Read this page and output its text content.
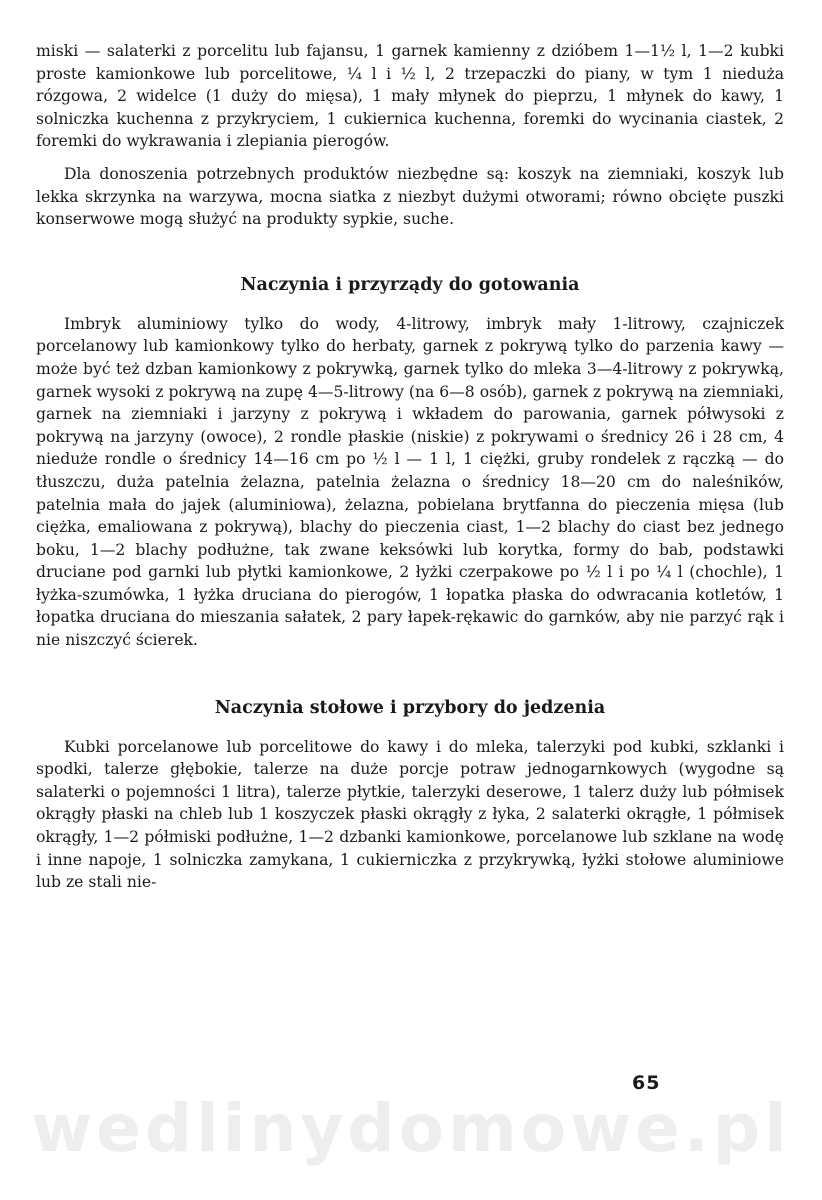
miski — salaterki z porcelitu lub fajansu, 1 garnek kamienny z dzióbem 1—1½ l, 1—2 kubki proste kamionkowe lub porcelitowe, ¼ l i ½ l, 2 trzepaczki do piany, w tym 1 nieduża rózgowa, 2 widelce (1 duży do mięsa), 1 mały młynek do pieprzu, 1 młynek do kawy, 1 solniczka kuchenna z przykryciem, 1 cukiernica kuchenna, foremki do wycinania ciastek, 2 foremki do wykrawania i zlepiania pierogów.

Dla donoszenia potrzebnych produktów niezbędne są: koszyk na ziemniaki, koszyk lub lekka skrzynka na warzywa, mocna siatka z niezbyt dużymi otworami; równo obcięte puszki konserwowe mogą służyć na produkty sypkie, suche.

Naczynia i przyrządy do gotowania

Imbryk aluminiowy tylko do wody, 4-litrowy, imbryk mały 1-litrowy, czajniczek porcelanowy lub kamionkowy tylko do herbaty, garnek z pokrywą tylko do parzenia kawy — może być też dzban kamionkowy z pokrywką, garnek tylko do mleka 3—4-litrowy z pokrywką, garnek wysoki z pokrywą na zupę 4—5-litrowy (na 6—8 osób), garnek z pokrywą na ziemniaki, garnek na ziemniaki i jarzyny z pokrywą i wkładem do parowania, garnek półwysoki z pokrywą na jarzyny (owoce), 2 rondle płaskie (niskie) z pokrywami o średnicy 26 i 28 cm, 4 nieduże rondle o średnicy 14—16 cm po ½ l — 1 l, 1 ciężki, gruby rondelek z rączką — do tłuszczu, duża patelnia żelazna, patelnia żelazna o średnicy 18—20 cm do naleśników, patelnia mała do jajek (aluminiowa), żelazna, pobielana brytfanna do pieczenia mięsa (lub ciężka, emaliowana z pokrywą), blachy do pieczenia ciast, 1—2 blachy do ciast bez jednego boku, 1—2 blachy podłużne, tak zwane keksówki lub korytka, formy do bab, podstawki druciane pod garnki lub płytki kamionkowe, 2 łyżki czerpakowe po ½ l i po ¼ l (chochle), 1 łyżka-szumówka, 1 łyżka druciana do pierogów, 1 łopatka płaska do odwracania kotletów, 1 łopatka druciana do mieszania sałatek, 2 pary łapek-rękawic do garnków, aby nie parzyć rąk i nie niszczyć ścierek.

Naczynia stołowe i przybory do jedzenia

Kubki porcelanowe lub porcelitowe do kawy i do mleka, talerzyki pod kubki, szklanki i spodki, talerze głębokie, talerze na duże porcje potraw jednogarnkowych (wygodne są salaterki o pojemności 1 litra), talerze płytkie, talerzyki deserowe, 1 talerz duży lub półmisek okrągły płaski na chleb lub 1 koszyczek płaski okrągły z łyka, 2 salaterki okrągłe, 1 półmisek okrągły, 1—2 półmiski podłużne, 1—2 dzbanki kamionkowe, porcelanowe lub szklane na wodę i inne napoje, 1 solniczka zamykana, 1 cukierniczka z przykrywką, łyżki stołowe aluminiowe lub ze stali nie-

65
wedlinydomowe.pl
